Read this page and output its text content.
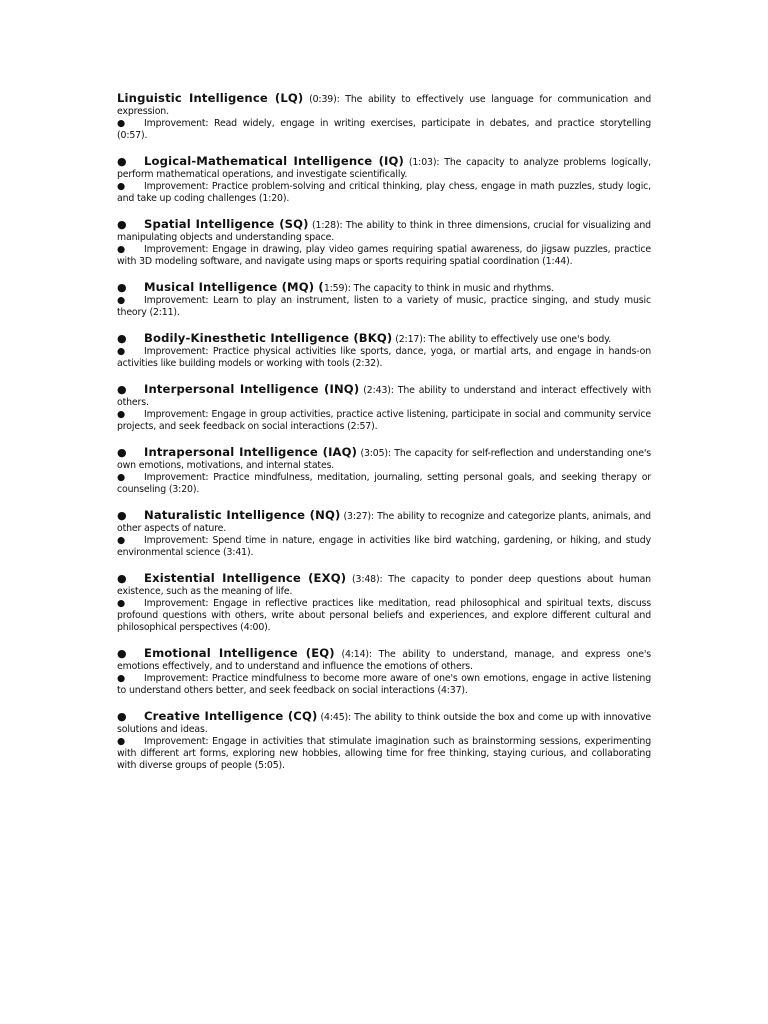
Linguistic Intelligence (LQ) (0:39): The ability to effectively use language for communication and expression.

● Improvement: Read widely, engage in writing exercises, participate in debates, and practice storytelling (0:57).

● Logical-Mathematical Intelligence (IQ) (1:03): The capacity to analyze problems logically, perform mathematical operations, and investigate scientifically.

● Improvement: Practice problem-solving and critical thinking, play chess, engage in math puzzles, study logic, and take up coding challenges (1:20).

● Spatial Intelligence (SQ) (1:28): The ability to think in three dimensions, crucial for visualizing and manipulating objects and understanding space.

● Improvement: Engage in drawing, play video games requiring spatial awareness, do jigsaw puzzles, practice with 3D modeling software, and navigate using maps or sports requiring spatial coordination (1:44).

● Musical Intelligence (MQ) (1:59): The capacity to think in music and rhythms.

● Improvement: Learn to play an instrument, listen to a variety of music, practice singing, and study music theory (2:11).

● Bodily-Kinesthetic Intelligence (BKQ) (2:17): The ability to effectively use one's body.

● Improvement: Practice physical activities like sports, dance, yoga, or martial arts, and engage in hands-on activities like building models or working with tools (2:32).

● Interpersonal Intelligence (INQ) (2:43): The ability to understand and interact effectively with others.

● Improvement: Engage in group activities, practice active listening, participate in social and community service projects, and seek feedback on social interactions (2:57).

● Intrapersonal Intelligence (IAQ) (3:05): The capacity for self-reflection and understanding one's own emotions, motivations, and internal states.

● Improvement: Practice mindfulness, meditation, journaling, setting personal goals, and seeking therapy or counseling (3:20).

● Naturalistic Intelligence (NQ) (3:27): The ability to recognize and categorize plants, animals, and other aspects of nature.

● Improvement: Spend time in nature, engage in activities like bird watching, gardening, or hiking, and study environmental science (3:41).

● Existential Intelligence (EXQ) (3:48): The capacity to ponder deep questions about human existence, such as the meaning of life.

● Improvement: Engage in reflective practices like meditation, read philosophical and spiritual texts, discuss profound questions with others, write about personal beliefs and experiences, and explore different cultural and philosophical perspectives (4:00).

● Emotional Intelligence (EQ) (4:14): The ability to understand, manage, and express one's emotions effectively, and to understand and influence the emotions of others.

● Improvement: Practice mindfulness to become more aware of one's own emotions, engage in active listening to understand others better, and seek feedback on social interactions (4:37).

● Creative Intelligence (CQ) (4:45): The ability to think outside the box and come up with innovative solutions and ideas.

● Improvement: Engage in activities that stimulate imagination such as brainstorming sessions, experimenting with different art forms, exploring new hobbies, allowing time for free thinking, staying curious, and collaborating with diverse groups of people (5:05).
